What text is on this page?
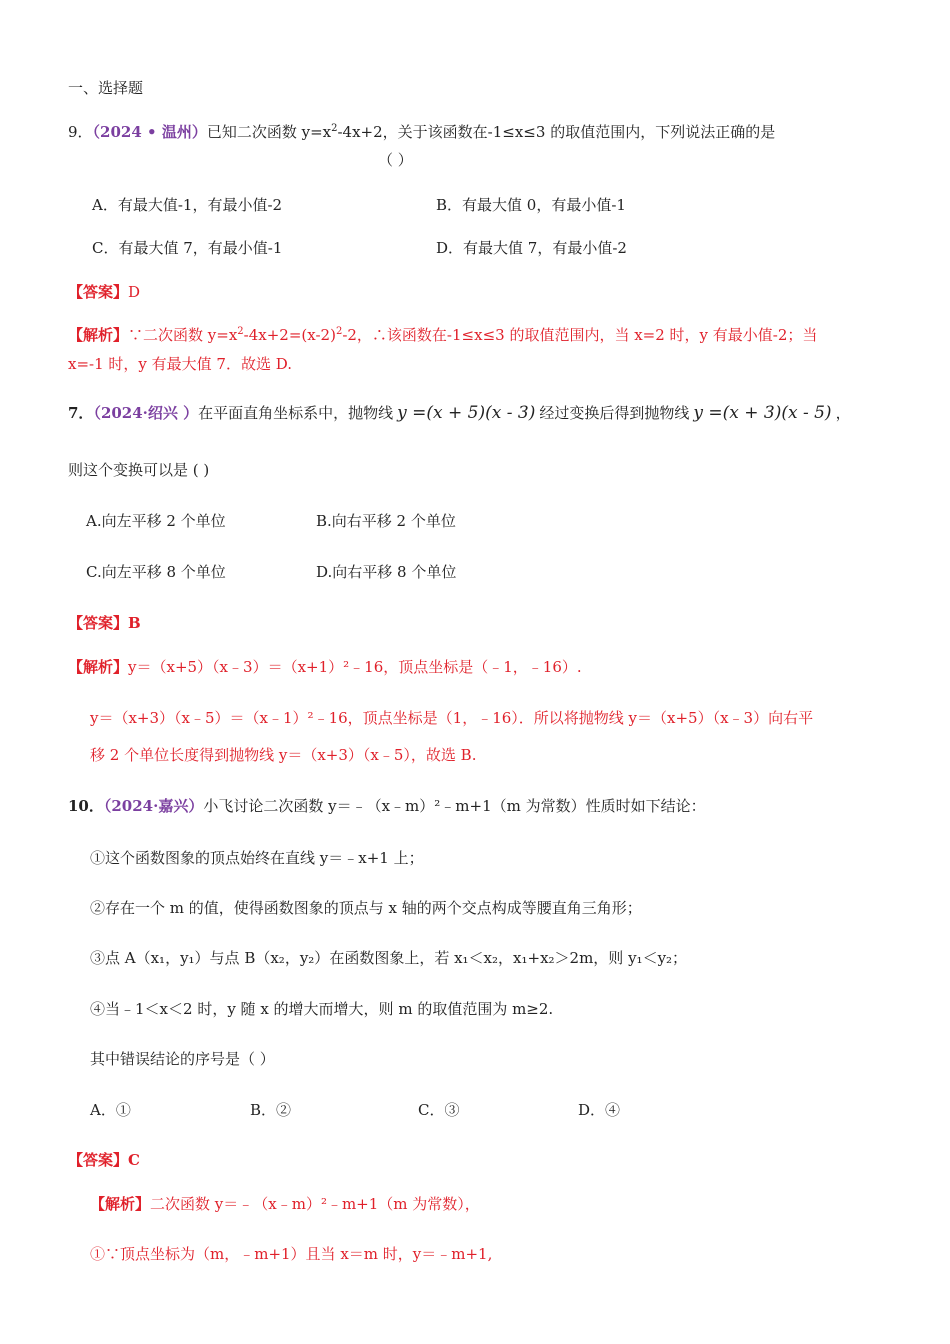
一、选择题
9．（2024 • 温州）已知二次函数 $y=x^2-4x+2$，关于该函数在-1≤x≤3 的取值范围内，下列说法正确的是
（ ）
A．有最大值-1，有最小值-2	B．有最大值 0，有最小值-1
C．有最大值 7，有最小值-1	D．有最大值 7，有最小值-2
【答案】D
【解析】∵二次函数 $y=x^2-4x+2=(x-2)^2-2$，∴该函数在-1≤x≤3 的取值范围内，当 x=2 时，y 有最小值-2；当
x=-1 时，y 有最大值 7．故选 D.
7．（2024·绍兴 ）在平面直角坐标系中，抛物线 y =(x + 5)(x - 3) 经过变换后得到抛物线 y =(x + 3)(x - 5) ，
则这个变换可以是 ( )
A.向左平移 2 个单位	B.向右平移 2 个单位
C.向左平移 8 个单位	D.向右平移 8 个单位
【答案】B
【解析】y＝（x+5）（x﹣3）＝（x+1）²﹣16，顶点坐标是（﹣1，﹣16）.
y＝（x+3）（x﹣5）＝（x﹣1）²﹣16，顶点坐标是（1，﹣16）．所以将抛物线 y＝（x+5）（x﹣3）向右平
移 2 个单位长度得到抛物线 y＝（x+3）（x﹣5），故选 B.
10．（2024·嘉兴）小飞讨论二次函数 y＝﹣（x﹣m）²﹣m+1（m 为常数）性质时如下结论：
①这个函数图象的顶点始终在直线 y＝﹣x+1 上；
②存在一个 m 的值，使得函数图象的顶点与 x 轴的两个交点构成等腰直角三角形；
③点 A（x₁，y₁）与点 B（x₂，y₂）在函数图象上，若 x₁＜x₂，x₁+x₂＞2m，则 y₁＜y₂；
④当﹣1＜x＜2 时，y 随 x 的增大而增大，则 m 的取值范围为 m≥2.
其中错误结论的序号是（ ）
A．①	B．②	C．③	D．④
【答案】C
【解析】二次函数 y＝﹣（x﹣m）²﹣m+1（m 为常数），
①∵顶点坐标为（m，﹣m+1）且当 x＝m 时，y＝﹣m+1,
